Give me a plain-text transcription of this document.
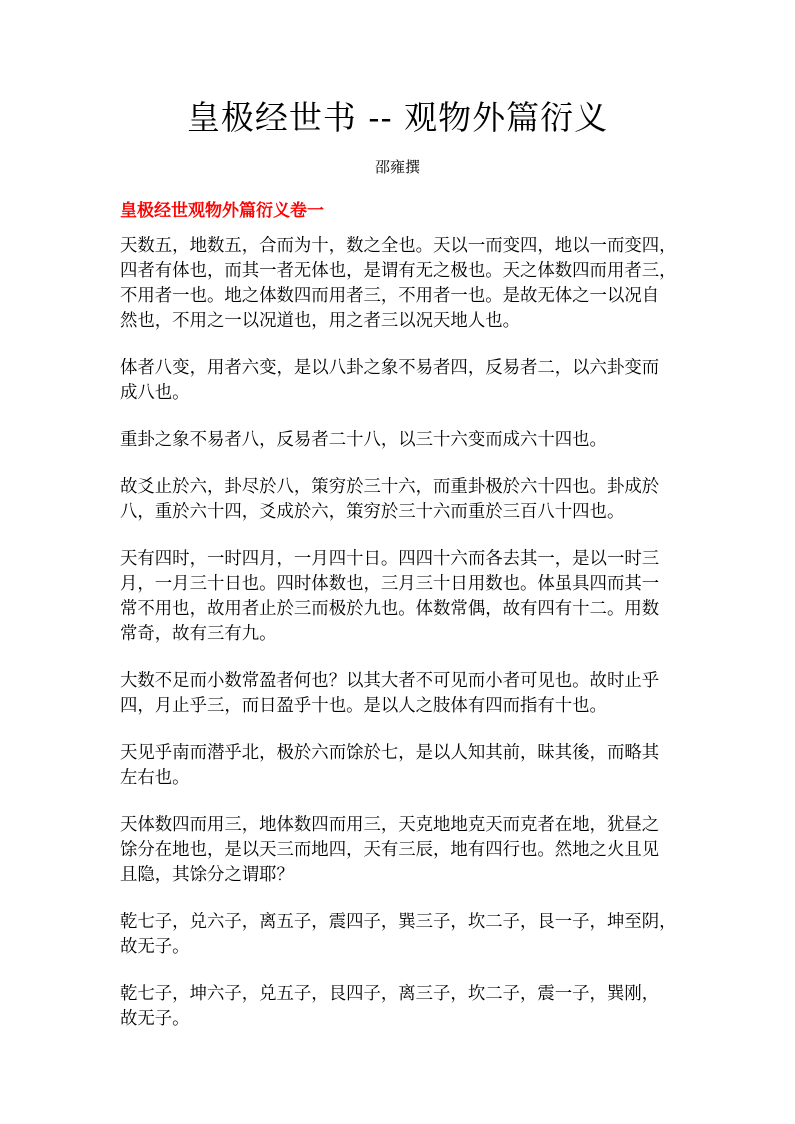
皇极经世书 -- 观物外篇衍义
邵雍撰
皇极经世观物外篇衍义卷一

天数五，地数五，合而为十，数之全也。天以一而变四，地以一而变四，
四者有体也，而其一者无体也，是谓有无之极也。天之体数四而用者三，
不用者一也。地之体数四而用者三，不用者一也。是故无体之一以况自
然也，不用之一以况道也，用之者三以况天地人也。

体者八变，用者六变，是以八卦之象不易者四，反易者二，以六卦变而
成八也。

重卦之象不易者八，反易者二十八，以三十六变而成六十四也。

故爻止於六，卦尽於八，策穷於三十六，而重卦极於六十四也。卦成於
八，重於六十四，爻成於六，策穷於三十六而重於三百八十四也。

天有四时，一时四月，一月四十日。四四十六而各去其一，是以一时三
月，一月三十日也。四时体数也，三月三十日用数也。体虽具四而其一
常不用也，故用者止於三而极於九也。体数常偶，故有四有十二。用数
常奇，故有三有九。

大数不足而小数常盈者何也？以其大者不可见而小者可见也。故时止乎
四，月止乎三，而日盈乎十也。是以人之肢体有四而指有十也。

天见乎南而潜乎北，极於六而馀於七，是以人知其前，昧其後，而略其
左右也。

天体数四而用三，地体数四而用三，天克地地克天而克者在地，犹昼之
馀分在地也，是以天三而地四，天有三辰，地有四行也。然地之火且见
且隐，其馀分之谓耶？

乾七子，兑六子，离五子，震四子，巽三子，坎二子，艮一子，坤至阴，
故无子。

乾七子，坤六子，兑五子，艮四子，离三子，坎二子，震一子，巽刚，
故无子。
